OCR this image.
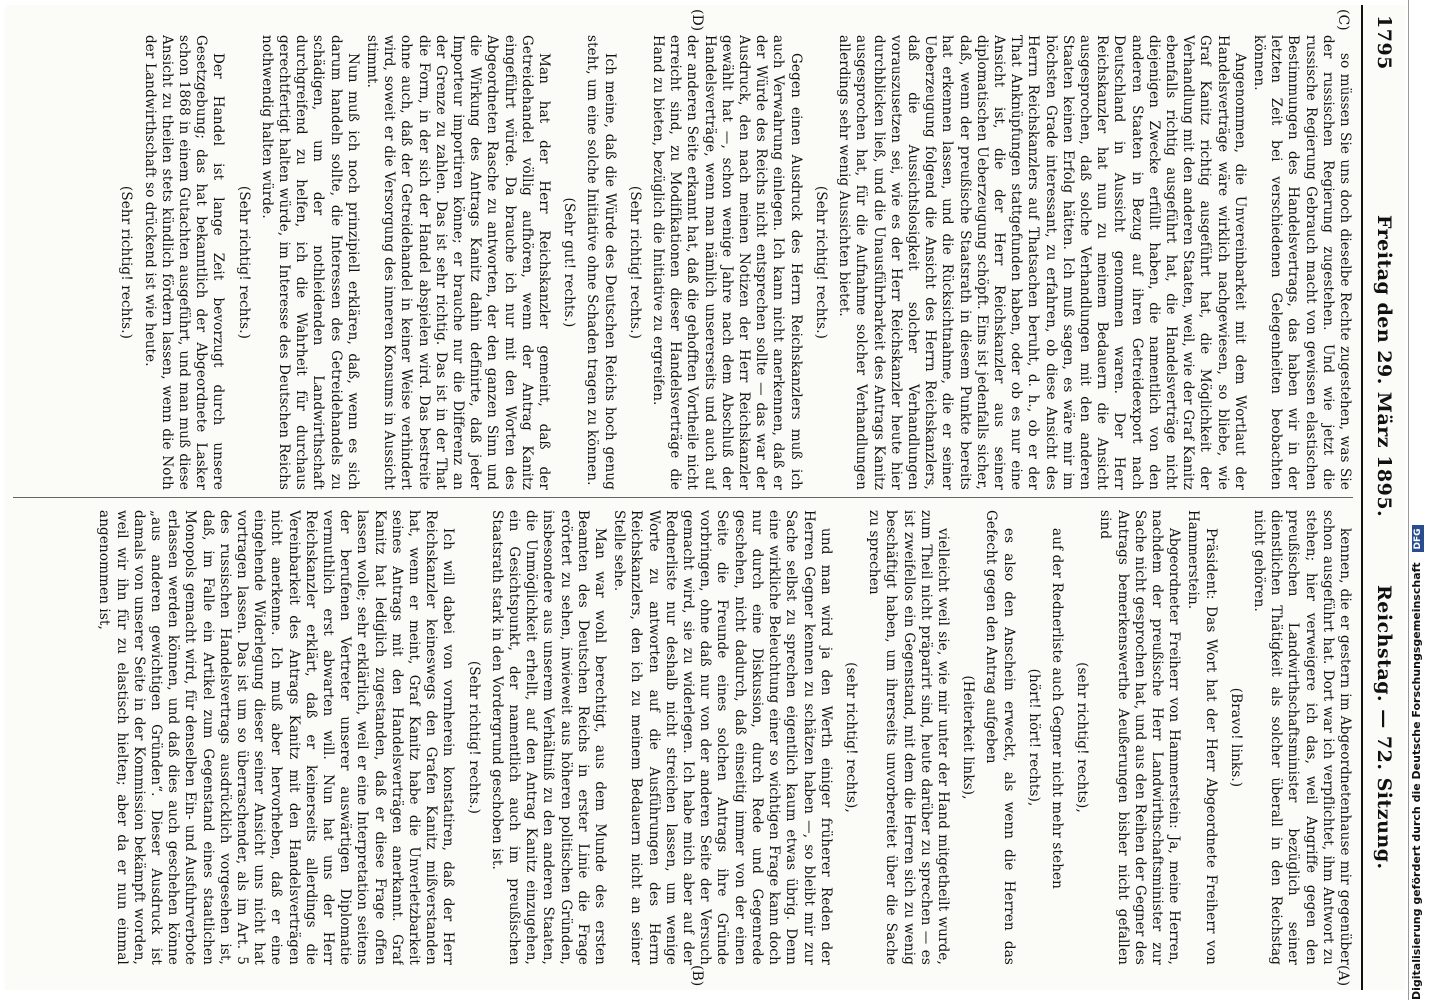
1795
Freitag den 29. März 1895.
Reichstag. — 72. Sitzung.

so müssen Sie uns doch dieselbe Rechte zugestehen, was Sie der russischen Regierung zugestehen. Und wie jetzt die russische Regierung Gebrauch macht von gewissen elastischen Bestimmungen des Handelsvertrags, das haben wir in der letzten Zeit bei verschiedenen Gelegenheiten beobachten können.

Angenommen, die Unvereinbarkeit mit dem Wortlaut der Handelsverträge wäre wirklich nachgewiesen, so bliebe, wie Graf Kanitz richtig ausgeführt hat, die Möglichkeit der Verhandlung mit den anderen Staaten, weil, wie der Graf Kanitz ebenfalls richtig ausgeführt hat, die Handelsverträge nicht diejenigen Zwecke erfüllt haben, die namentlich von den anderen Staaten in Bezug auf ihren Getreideexport nach Deutschland in Aussicht genommen waren. Der Herr Reichskanzler hat nun zu meinem Bedauern die Ansicht ausgesprochen, daß solche Verhandlungen mit den anderen Staaten keinen Erfolg hätten. Ich muß sagen, es wäre mir im höchsten Grade interessant, zu erfahren, ob diese Ansicht des Herrn Reichskanzlers auf Thatsachen beruht, d. h., ob er der That Anknüpfungen stattgefunden haben, oder ob es nur eine Ansicht ist, die der Herr Reichskanzler aus seiner diplomatischen Ueberzeugung schöpft. Eins ist jedenfalls sicher, daß, wenn der preußische Staatsrath in diesem Punkte bereits hat erkennen lassen, und die Rücksichtnahme, die er seiner Ueberzeugung folgend die Ansicht des Herrn Reichskanzlers, daß die Aussichtslosigkeit solcher Verhandlungen vorauszusetzen sei, wie es der Herr Reichskanzler heute hier durchblicken ließ, und die Unausführbarkeit des Antrags Kanitz ausgesprochen hat, für die Aufnahme solcher Verhandlungen allerdings sehr wenig Aussichten bietet.

(Sehr richtig! rechts.)

Gegen einen Ausdruck des Herrn Reichskanzlers muß ich auch Verwahrung einlegen. Ich kann nicht anerkennen, daß er der Würde des Reichs nicht entsprechen sollte — das war der Ausdruck, den nach meinen Notizen der Herr Reichskanzler gewählt hat —, schon wenige Jahre nach dem Abschluß der Handelsverträge, wenn man nämlich unsererseits und auch auf der anderen Seite erkannt hat, daß die gehofften Vortheile nicht erreicht sind, zu Modifikationen dieser Handelsverträge die Hand zu bieten, bezüglich die Initiative zu ergreifen.

(Sehr richtig! rechts.)

Ich meine, daß die Würde des Deutschen Reichs hoch genug steht, um eine solche Initiative ohne Schaden tragen zu können.

(Sehr gut! rechts.)

Man hat der Herr Reichskanzler gemeint, daß der Getreidehandel völlig aufhören, wenn der Antrag Kanitz eingeführt würde. Da brauche ich nur mit den Worten des Abgeordneten Rasche zu antworten, der den ganzen Sinn und die Wirkung des Antrags Kanitz dahin definirte, daß jeder Importeur importiren könne; er brauche nur die Differenz an der Grenze zu zahlen. Das ist sehr richtig. Das ist in der That die Form, in der sich der Handel abspielen wird. Das bestreite ohne auch, daß der Getreidehandel in keiner Weise verhindert wird, soweit er die Versorgung des inneren Konsums in Aussicht stimmt.

Nun muß ich noch prinzipiell erklären, daß, wenn es sich darum handeln sollte, die Interessen des Getreidehandels zu schädigen, um der nothleidenden Landwirthschaft durchgreifend zu helfen, ich die Wahrheit für durchaus gerechtfertigt halten würde, im Interesse des Deutschen Reichs nothwendig halten würde.

(Sehr richtig! rechts.)

Der Handel ist lange Zeit bevorzugt durch unsere Gesetzgebung; das hat bekanntlich der Abgeordnete Lasker schon 1868 in einem Gutachten ausgeführt, und man muß diese Ansicht zu theilen stets kündlich fördern lassen, wenn die Noth der Landwirthschaft so drückend ist wie heute.

(Sehr richtig! rechts.)

kennen, die er gestern im Abgeordnetenhause mir gegenüber schon ausgeführt hat. Dort war ich verpflichtet, ihm Antwort zu stehen; hier verweigere ich das, weil Angriffe gegen den preußischen Landwirthschaftsminister bezüglich seiner dienstlichen Thätigkeit als solcher überall in den Reichstag nicht gehören.

(Bravo! links.)

Präsident: Das Wort hat der Herr Abgeordnete Freiherr von Hammerstein.

Abgeordneter Freiherr von Hammerstein: Ja, meine Herren, nachdem der preußische Herr Landwirthschaftsminister zur Sache nicht gesprochen hat, und aus den Reihen der Gegner des Antrags bemerkenswerthe Aeußerungen bisher nicht gefallen sind

(sehr richtig! rechts),

auf der Rednerliste auch Gegner nicht mehr stehen

(hört! hört! rechts),

es also den Anschein erweckt, als wenn die Herren das Gefecht gegen den Antrag aufgeben

(Heiterkeit links),

vielleicht weil sie, wie mir unter der Hand mitgetheilt wurde, zum Theil nicht präparirt sind, heute darüber zu sprechen — es ist zweifellos ein Gegenstand, mit dem die Herren sich zu wenig beschäftigt haben, um ihrerseits unvorbereitet über die Sache zu sprechen

(sehr richtig! rechts),

und man wird ja den Werth einiger früherer Reden der Herren Gegner kennen zu schätzen haben —, so bleibt mir zur Sache selbst zu sprechen eigentlich kaum etwas übrig. Denn eine wirkliche Beleuchtung einer so wichtigen Frage kann doch nur durch eine Diskussion, durch Rede und Gegenrede geschehen, nicht dadurch, daß einseitig immer von der einen Seite die Freunde eines solchen Antrags ihre Gründe vorbringen, ohne daß nur von der anderen Seite der Versuch gemacht wird, sie zu widerlegen. Ich habe mich aber auf der Rednerliste nur deshalb nicht streichen lassen, um wenige Worte zu antworten auf die Ausführungen des Herrn Reichskanzlers, den ich zu meinem Bedauern nicht an seiner Stelle sehe.

Man war wohl berechtigt, aus dem Munde des ersten Beamten des Deutschen Reichs in erster Linie die Frage erörtert zu sehen, inwieweit aus höheren politischen Gründen, insbesondere aus unserem Verhältniß zu den anderen Staaten, die Unmöglichkeit erhellt, auf den Antrag Kanitz einzugehen, ein Gesichtspunkt, der namentlich auch im preußischen Staatsrath stark in den Vordergrund geschoben ist.

(Sehr richtig! rechts.)

Ich will dabei von vornherein konstatiren, daß der Herr Reichskanzler keineswegs den Grafen Kanitz mißverstanden hat, wenn er meint, Graf Kanitz habe die Unverletzbarkeit seines Antrags mit den Handelsverträgen anerkannt. Graf Kanitz hat lediglich zugestanden, daß er diese Frage offen lassen wolle; sehr erklärlich, weil er eine Interpretation seitens der berufenen Vertreter unserer auswärtigen Diplomatie vermuthlich erst abwarten will. Nun hat uns der Herr Reichskanzler erklärt, daß er keinerseits allerdings die Vereinbarkeit des Antrags Kanitz mit den Handelsverträgen nicht anerkenne. Ich muß aber hervorheben, daß er eine eingehende Widerlegung dieser seiner Ansicht uns nicht hat vortragen lassen. Das ist um so überraschender, als im Art. 5 des russischen Handelsvertrags ausdrücklich vorgesehen ist, daß, im Falle ein Artikel zum Gegenstand eines staatlichen Monopols gemacht wird, für denselben Ein- und Ausfuhrverbote erlassen werden können, und daß dies auch geschehen könne „aus anderen gewichtigen Gründen“. Dieser Ausdruck ist damals von unserer Seite in der Kommission bekämpft worden, weil wir ihn für zu elastisch hielten; aber da er nun einmal angenommen ist,

(C)
(A)
(D)
(B)	Digitalisierung gefördert durch die Deutsche Forschungsgemeinschaft DFG
